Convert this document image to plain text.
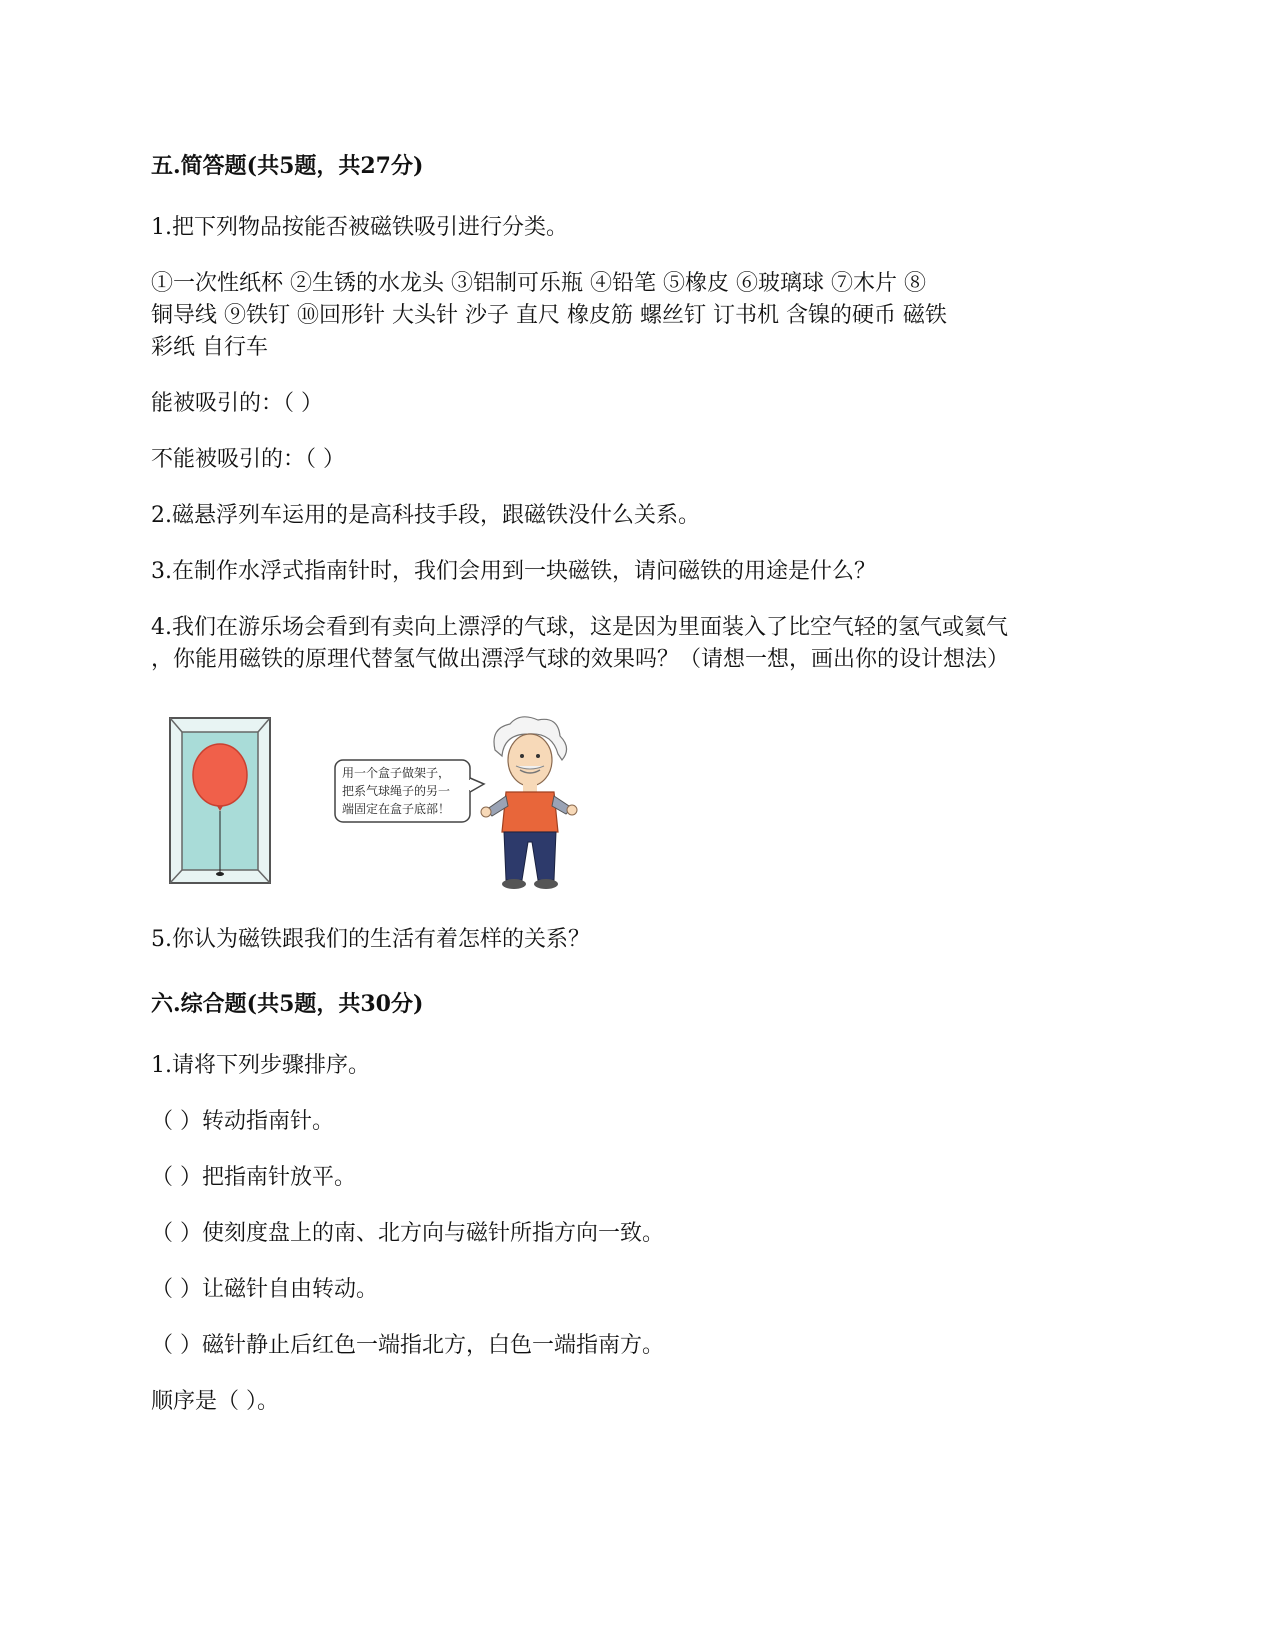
五.简答题(共5题，共27分)
1.把下列物品按能否被磁铁吸引进行分类。
①一次性纸杯 ②生锈的水龙头 ③铝制可乐瓶 ④铅笔 ⑤橡皮 ⑥玻璃球 ⑦木片 ⑧
铜导线 ⑨铁钉 ⑩回形针 大头针 沙子 直尺 橡皮筋 螺丝钉 订书机 含镍的硬币 磁铁
彩纸 自行车
能被吸引的：（ ）
不能被吸引的：（ ）
2.磁悬浮列车运用的是高科技手段，跟磁铁没什么关系。
3.在制作水浮式指南针时，我们会用到一块磁铁，请问磁铁的用途是什么？
4.我们在游乐场会看到有卖向上漂浮的气球，这是因为里面装入了比空气轻的氢气或氦气
，你能用磁铁的原理代替氢气做出漂浮气球的效果吗？（请想一想，画出你的设计想法）
用一个盒子做架子，
把系气球绳子的另一
端固定在盒子底部！
5.你认为磁铁跟我们的生活有着怎样的关系？
六.综合题(共5题，共30分)
1.请将下列步骤排序。
（ ）转动指南针。
（ ）把指南针放平。
（ ）使刻度盘上的南、北方向与磁针所指方向一致。
（ ）让磁针自由转动。
（ ）磁针静止后红色一端指北方，白色一端指南方。
顺序是（ ）。
